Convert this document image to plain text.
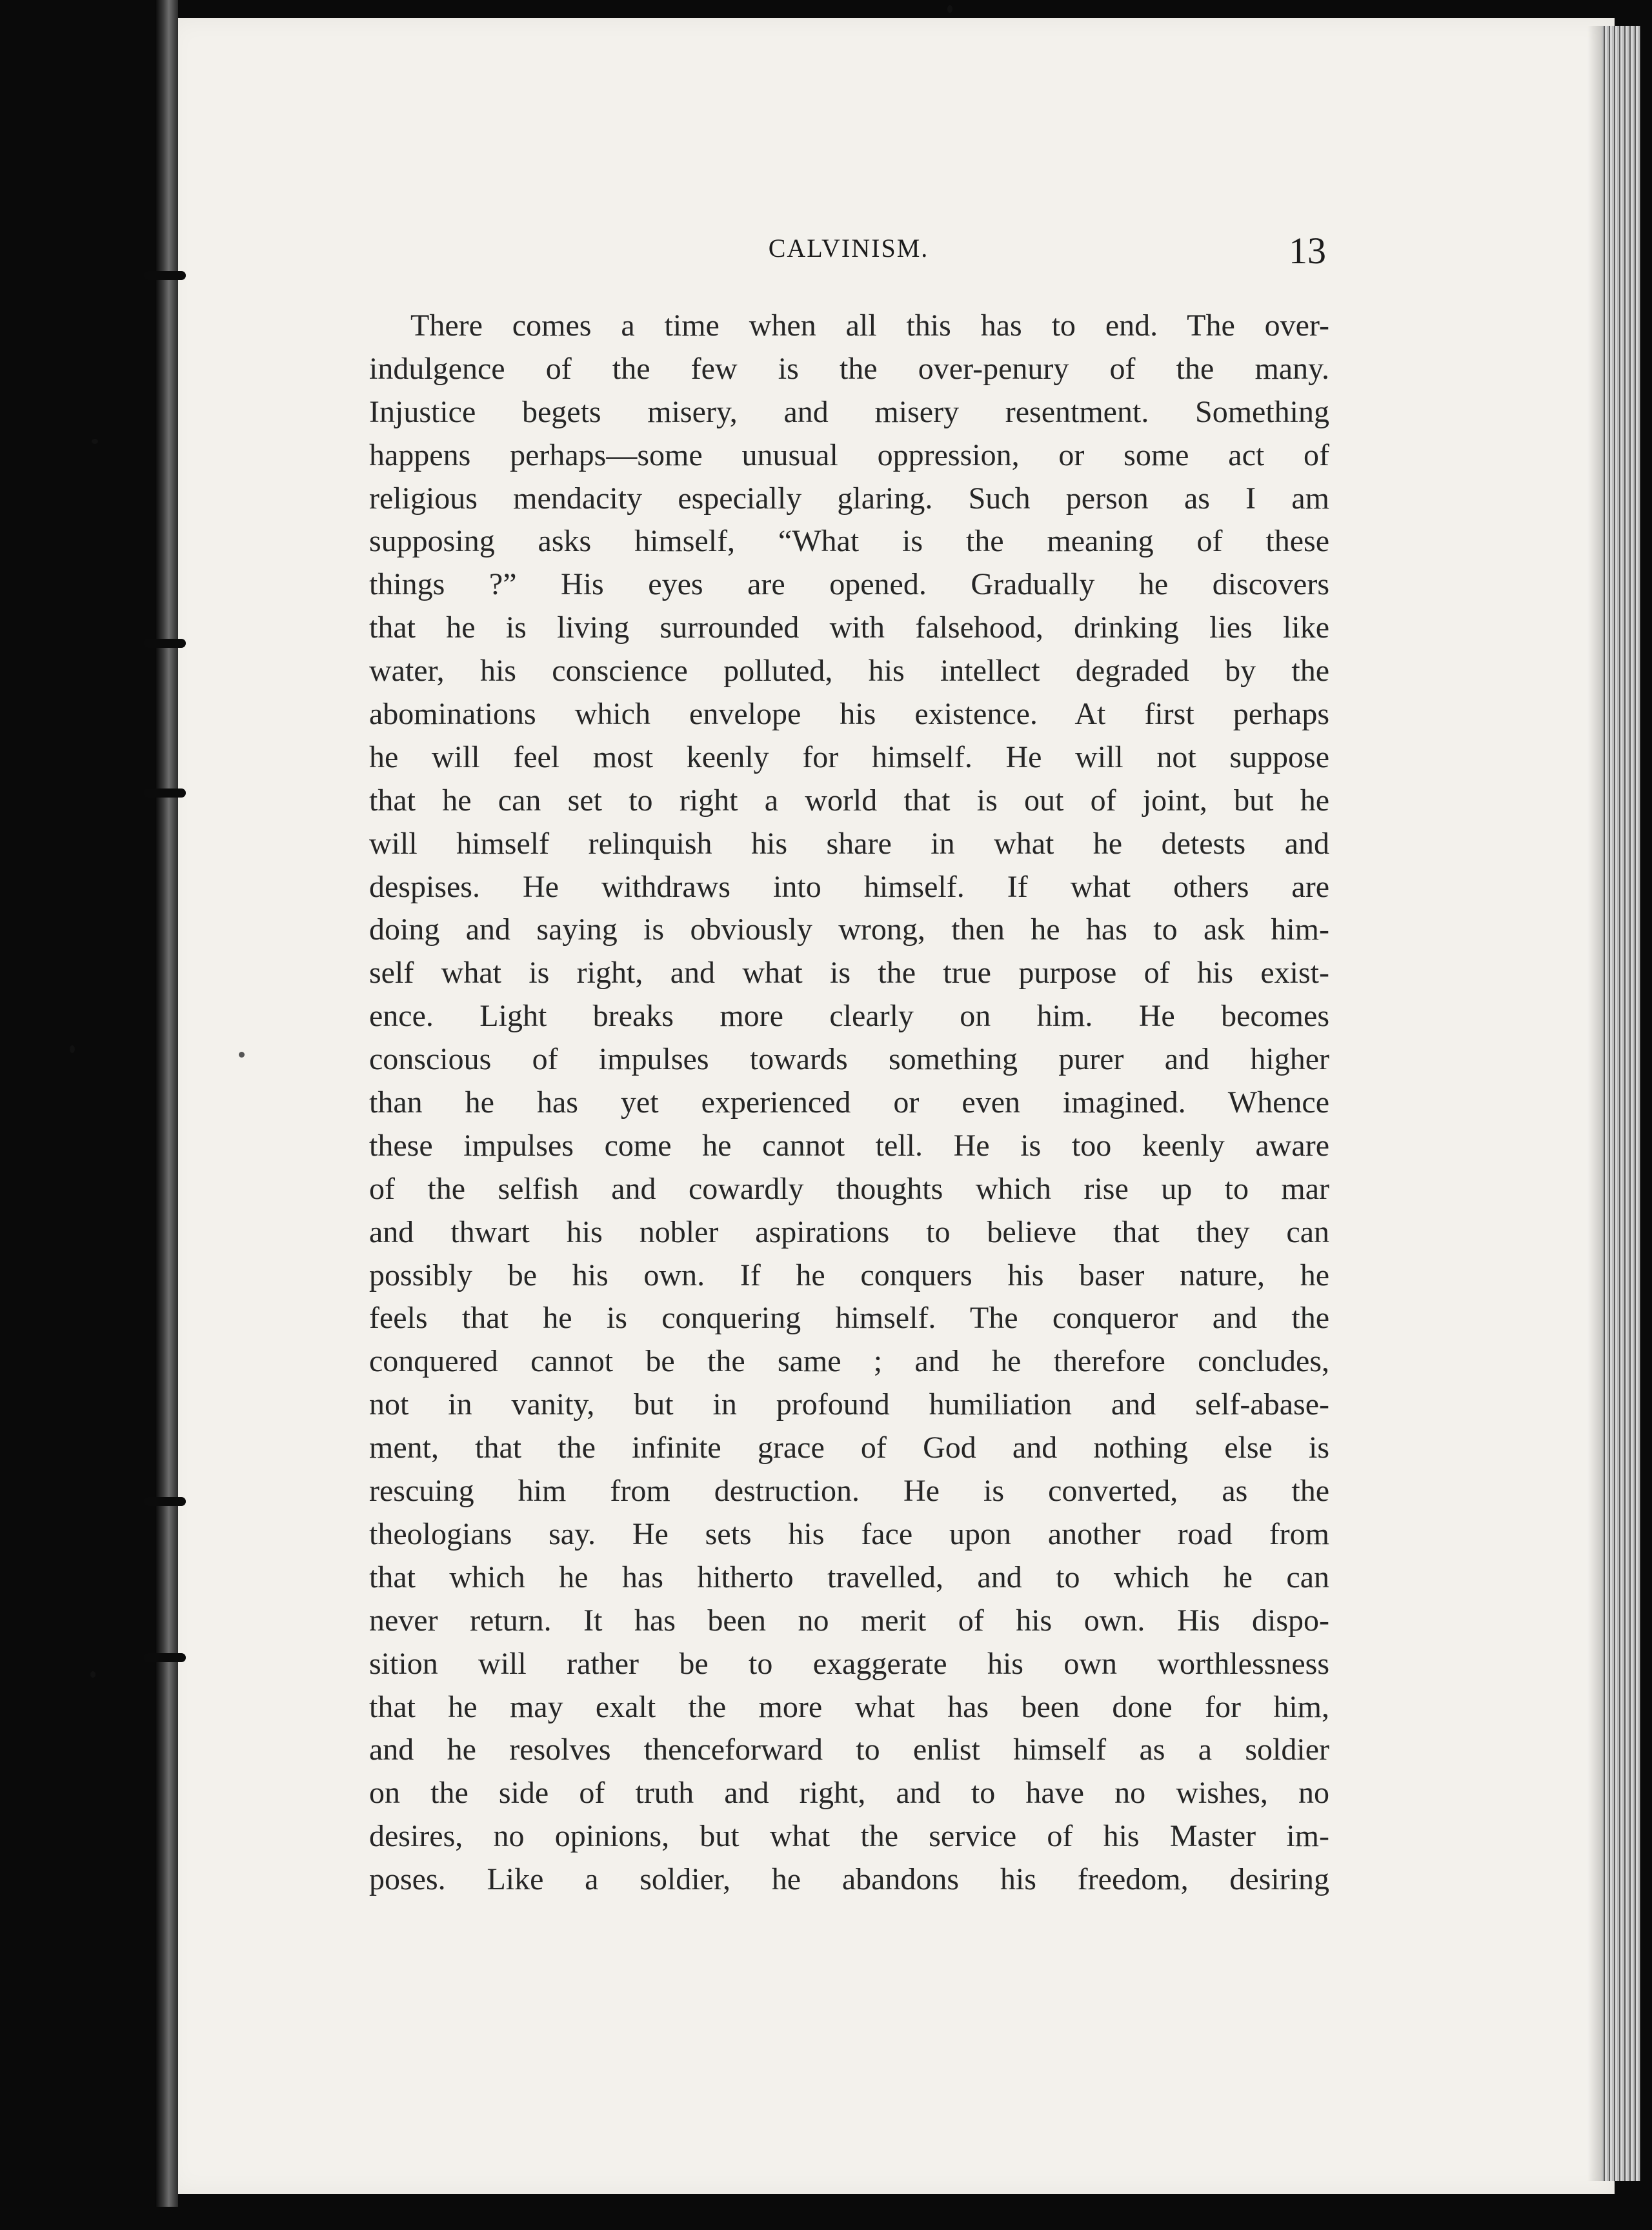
CALVINISM.	13
There comes a time when all this has to end. The over-
indulgence of the few is the over-penury of the many.
Injustice begets misery, and misery resentment. Something
happens perhaps—some unusual oppression, or some act of
religious mendacity especially glaring. Such person as I am
supposing asks himself, “What is the meaning of these
things ?” His eyes are opened. Gradually he discovers
that he is living surrounded with falsehood, drinking lies like
water, his conscience polluted, his intellect degraded by the
abominations which envelope his existence. At first perhaps
he will feel most keenly for himself. He will not suppose
that he can set to right a world that is out of joint, but he
will himself relinquish his share in what he detests and
despises. He withdraws into himself. If what others are
doing and saying is obviously wrong, then he has to ask him-
self what is right, and what is the true purpose of his exist-
ence. Light breaks more clearly on him. He becomes
conscious of impulses towards something purer and higher
than he has yet experienced or even imagined. Whence
these impulses come he cannot tell. He is too keenly aware
of the selfish and cowardly thoughts which rise up to mar
and thwart his nobler aspirations to believe that they can
possibly be his own. If he conquers his baser nature, he
feels that he is conquering himself. The conqueror and the
conquered cannot be the same ; and he therefore concludes,
not in vanity, but in profound humiliation and self-abase-
ment, that the infinite grace of God and nothing else is
rescuing him from destruction. He is converted, as the
theologians say. He sets his face upon another road from
that which he has hitherto travelled, and to which he can
never return. It has been no merit of his own. His dispo-
sition will rather be to exaggerate his own worthlessness
that he may exalt the more what has been done for him,
and he resolves thenceforward to enlist himself as a soldier
on the side of truth and right, and to have no wishes, no
desires, no opinions, but what the service of his Master im-
poses. Like a soldier, he abandons his freedom, desiring
